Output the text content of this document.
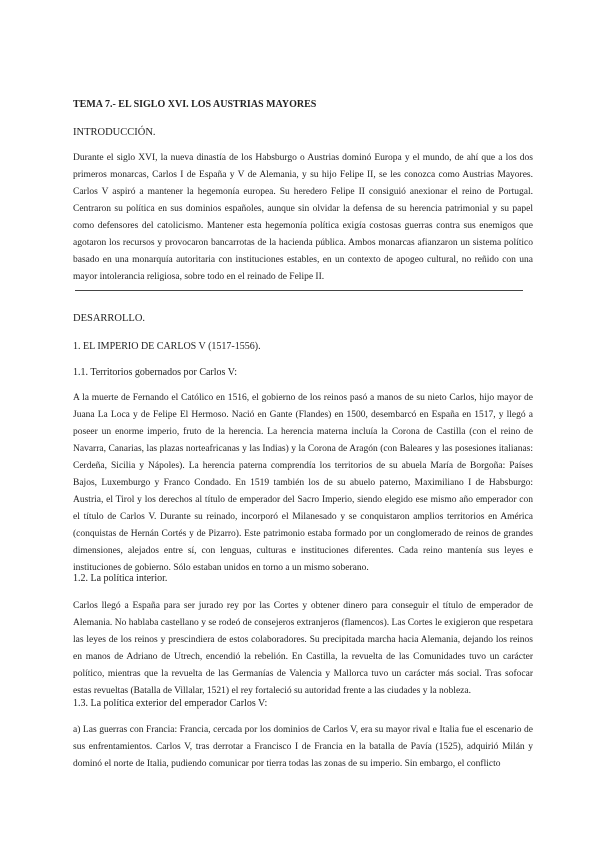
TEMA 7.- EL SIGLO XVI. LOS AUSTRIAS MAYORES

INTRODUCCIÓN.

Durante el siglo XVI, la nueva dinastía de los Habsburgo o Austrias dominó Europa y el mundo, de ahí que a los dos primeros monarcas, Carlos I de España y V de Alemania, y su hijo Felipe II, se les conozca como Austrias Mayores. Carlos V aspiró a mantener la hegemonía europea. Su heredero Felipe II consiguió anexionar el reino de Portugal. Centraron su política en sus dominios españoles, aunque sin olvidar la defensa de su herencia patrimonial y su papel como defensores del catolicismo. Mantener esta hegemonía política exigía costosas guerras contra sus enemigos que agotaron los recursos y provocaron bancarrotas de la hacienda pública. Ambos monarcas afianzaron un sistema político basado en una monarquía autoritaria con instituciones estables, en un contexto de apogeo cultural, no reñido con una mayor intolerancia religiosa, sobre todo en el reinado de Felipe II.

DESARROLLO.

1. EL IMPERIO DE CARLOS V (1517-1556).

1.1. Territorios gobernados por Carlos V:

A la muerte de Fernando el Católico en 1516, el gobierno de los reinos pasó a manos de su nieto Carlos, hijo mayor de Juana La Loca y de Felipe El Hermoso. Nació en Gante (Flandes) en 1500, desembarcó en España en 1517, y llegó a poseer un enorme imperio, fruto de la herencia. La herencia materna incluía la Corona de Castilla (con el reino de Navarra, Canarias, las plazas norteafricanas y las Indias) y la Corona de Aragón (con Baleares y las posesiones italianas: Cerdeña, Sicilia y Nápoles). La herencia paterna comprendía los territorios de su abuela María de Borgoña: Países Bajos, Luxemburgo y Franco Condado. En 1519 también los de su abuelo paterno, Maximiliano I de Habsburgo: Austria, el Tirol y los derechos al título de emperador del Sacro Imperio, siendo elegido ese mismo año emperador con el título de Carlos V. Durante su reinado, incorporó el Milanesado y se conquistaron amplios territorios en América (conquistas de Hernán Cortés y de Pizarro). Este patrimonio estaba formado por un conglomerado de reinos de grandes dimensiones, alejados entre sí, con lenguas, culturas e instituciones diferentes. Cada reino mantenía sus leyes e instituciones de gobierno. Sólo estaban unidos en torno a un mismo soberano.

1.2. La política interior.

Carlos llegó a España para ser jurado rey por las Cortes y obtener dinero para conseguir el título de emperador de Alemania. No hablaba castellano y se rodeó de consejeros extranjeros (flamencos). Las Cortes le exigieron que respetara las leyes de los reinos y prescindiera de estos colaboradores. Su precipitada marcha hacia Alemania, dejando los reinos en manos de Adriano de Utrech, encendió la rebelión. En Castilla, la revuelta de las Comunidades tuvo un carácter político, mientras que la revuelta de las Germanías de Valencia y Mallorca tuvo un carácter más social. Tras sofocar estas revueltas (Batalla de Villalar, 1521) el rey fortaleció su autoridad frente a las ciudades y la nobleza.

1.3. La política exterior del emperador Carlos V:

a) Las guerras con Francia: Francia, cercada por los dominios de Carlos V, era su mayor rival e Italia fue el escenario de sus enfrentamientos. Carlos V, tras derrotar a Francisco I de Francia en la batalla de Pavía (1525), adquirió Milán y dominó el norte de Italia, pudiendo comunicar por tierra todas las zonas de su imperio. Sin embargo, el conflicto
